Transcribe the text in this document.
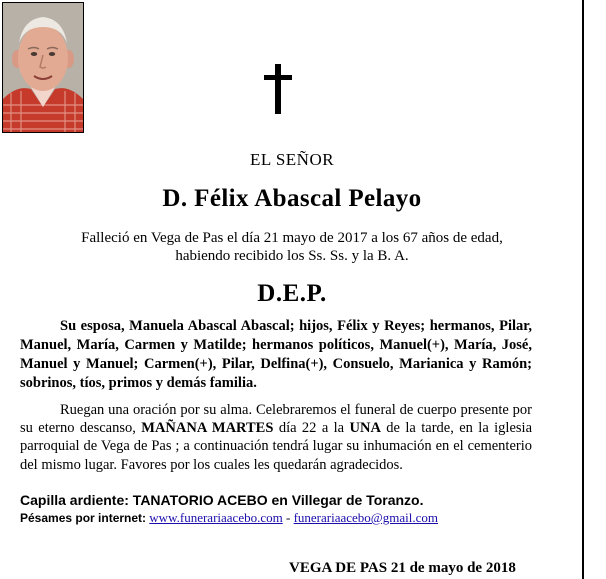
EL SEÑOR
D. Félix Abascal Pelayo
Falleció en Vega de Pas el día 21 mayo de 2017 a los 67 años de edad,
habiendo recibido los Ss. Ss. y la B. A.
D.E.P.
Su esposa, Manuela Abascal Abascal; hijos, Félix y Reyes; hermanos, Pilar, Manuel, María, Carmen y Matilde; hermanos políticos, Manuel(+), María, José, Manuel y Manuel; Carmen(+), Pilar, Delfina(+), Consuelo, Marianica y Ramón; sobrinos, tíos, primos y demás familia.
Ruegan una oración por su alma. Celebraremos el funeral de cuerpo presente por su eterno descanso, MAÑANA MARTES día 22 a la UNA de la tarde, en la iglesia parroquial de Vega de Pas ; a continuación tendrá lugar su inhumación en el cementerio del mismo lugar. Favores por los cuales les quedarán agradecidos.
Capilla ardiente: TANATORIO ACEBO en Villegar de Toranzo.
Pésames por internet: www.funerariaacebo.com - funerariaacebo@gmail.com
VEGA DE PAS 21 de mayo de 2018
